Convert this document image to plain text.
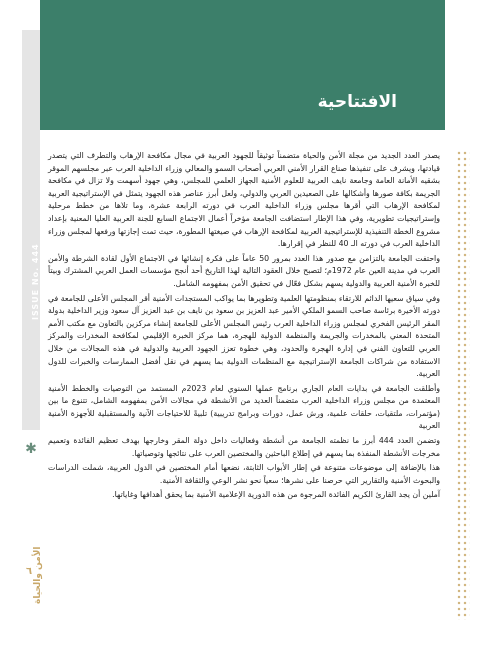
الافتتاحية
ISSUE No. 444
✱
٦ الأمن والحياة

يصدر العدد الجديد من مجلة الأمن والحياة متضمناً توثيقاً للجهود العربية في مجال مكافحة الإرهاب والتطرف التي يتصدر قيادتها، ويشرف على تنفيذها صناع القرار الأمني العربي أصحاب السمو والمعالي وزراء الداخلية العرب عبر مجلسهم الموقر بشقيه الأمانة العامة وجامعة نايف العربية للعلوم الأمنية الجهاز العلمي للمجلس، وهي جهود أسهمت ولا تزال في مكافحة الجريمة بكافة صورها وأشكالها على الصعيدين العربي والدولي، ولعل أبرز عناصر هذه الجهود يتمثل في الإستراتيجية العربية لمكافحة الإرهاب التي أقرها مجلس وزراء الداخلية العرب في دورته الرابعة عشرة، وما تلاها من خطط مرحلية وإستراتيجيات تطويرية، وفي هذا الإطار استضافت الجامعة مؤخراً أعمال الاجتماع السابع للجنة العربية العليا المعنية بإعداد مشروع الخطة التنفيذية للإستراتيجية العربية لمكافحة الإرهاب في صيغتها المطورة، حيث تمت إجازتها ورفعها لمجلس وزراء الداخلية العرب في دورته الـ 40 للنظر في إقرارها.

واحتفت الجامعة بالتزامن مع صدور هذا العدد بمرور 50 عاماً على فكرة إنشائها في الاجتماع الأول لقادة الشرطة والأمن العرب في مدينة العين عام 1972م؛ لتصبح خلال العقود التالية لهذا التاريخ أحد أنجح مؤسسات العمل العربي المشترك وبيتاً للخبرة الأمنية العربية والدولية يسهم بشكل فعّال في تحقيق الأمن بمفهومه الشامل.

وفي سياق سعيها الدائم للارتقاء بمنظومتها العلمية وتطويرها بما يواكب المستجدات الأمنية أقر المجلس الأعلى للجامعة في دورته الأخيرة برئاسة صاحب السمو الملكي الأمير عبد العزيز بن سعود بن نايف بن عبد العزيز آل سعود وزير الداخلية بدولة المقر الرئيس الفخري لمجلس وزراء الداخلية العرب رئيس المجلس الأعلى للجامعة إنشاء مركزين بالتعاون مع مكتب الأمم المتحدة المعني بالمخدرات والجريمة والمنظمة الدولية للهجرة، هما مركز الخبرة الإقليمي لمكافحة المخدرات والمركز العربي للتعاون الفني في إدارة الهجرة والحدود، وهي خطوة تعزز الجهود العربية والدولية في هذه المجالات من خلال الاستفادة من شراكات الجامعة الإستراتيجية مع المنظمات الدولية بما يسهم في نقل أفضل الممارسات والخبرات للدول العربية.

وأطلقت الجامعة في بدايات العام الجاري برنامج عملها السنوي لعام 2023م المستمد من التوصيات والخطط الأمنية المعتمدة من مجلس وزراء الداخلية العرب متضمناً العديد من الأنشطة في مجالات الأمن بمفهومه الشامل، تتنوع ما بين (مؤتمرات، ملتقيات، حلقات علمية، ورش عمل، دورات وبرامج تدريبية) تلبيةً للاحتياجات الآنية والمستقبلية للأجهزة الأمنية العربية

وتضمن العدد 444 أبرز ما نظمته الجامعة من أنشطة وفعاليات داخل دولة المقر وخارجها بهدف تعظيم الفائدة وتعميم مخرجات الأنشطة المنفذة بما يسهم في إطلاع الباحثين والمختصين العرب على نتائجها وتوصياتها.

هذا بالإضافة إلى موضوعات متنوعة في إطار الأبواب الثابتة، نضعها أمام المختصين في الدول العربية، شملت الدراسات والبحوث الأمنية والتقارير التي حرصنا على نشرها؛ سعياً نحو نشر الوعي والثقافة الأمنية.

آملين أن يجد القارئ الكريم الفائدة المرجوة من هذه الدورية الإعلامية الأمنية بما يحقق أهدافها وغاياتها.
